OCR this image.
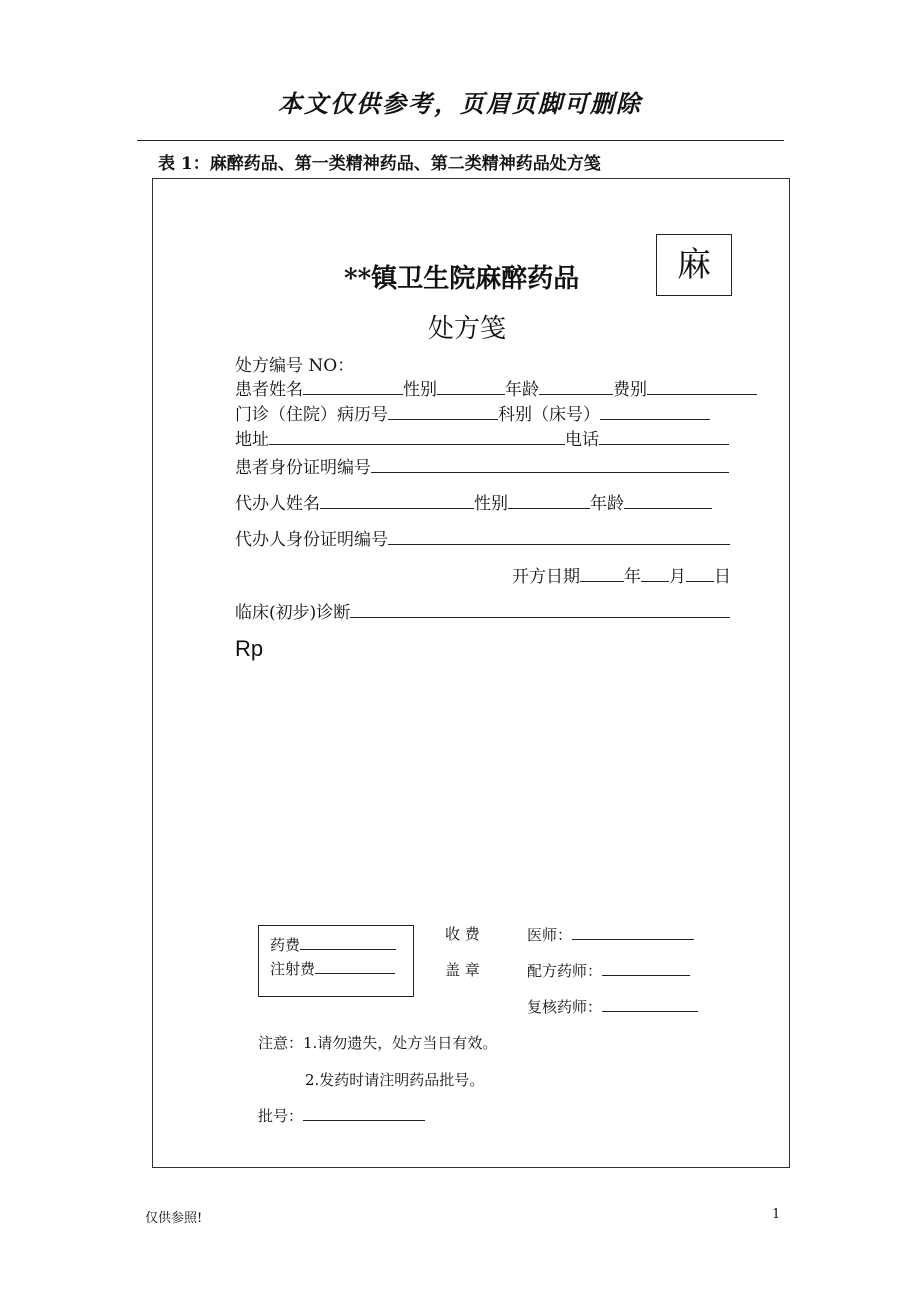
本文仅供参考，页眉页脚可删除
表 1：麻醉药品、第一类精神药品、第二类精神药品处方笺
**镇卫生院麻醉药品
处方笺
麻
处方编号 NO：
患者姓名	性别	年龄	费别
门诊（住院）病历号	科别（床号）
地址	电话
患者身份证明编号
代办人姓名	性别	年龄
代办人身份证明编号
开方日期	年 月 日
临床(初步)诊断
Rp
药费
注射费
收 费
盖 章
医师：
配方药师：
复核药师：
注意：1.请勿遗失，处方当日有效。
2.发药时请注明药品批号。
批号：
仅供参照!	1
